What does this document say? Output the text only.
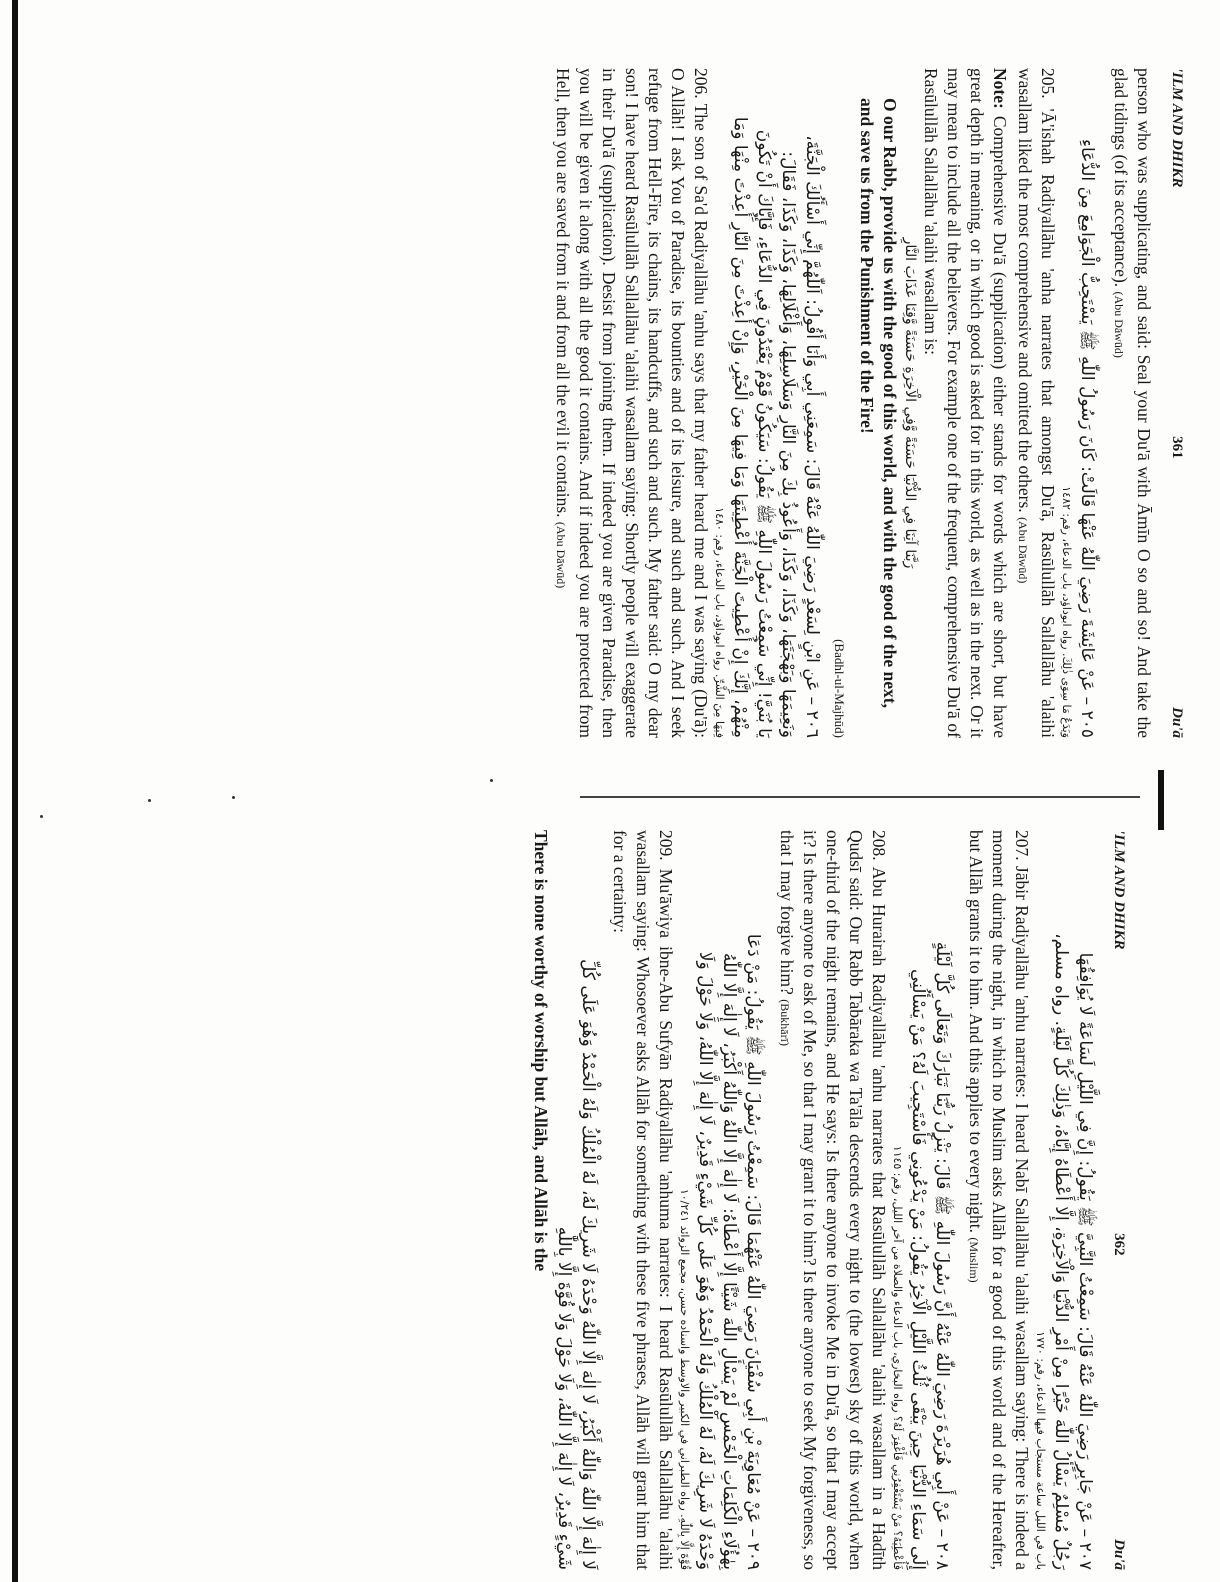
'ILM AND DHIKR
361
Du'ā

person who was supplicating, and said: Seal your Du'ā with Āmīn O so and so! And take the glad tidings (of its acceptance). (Abu Dāwūd)

٢٠٥ – عَنْ عَائِشَةَ رَضِيَ اللّٰهُ عَنْهَا قَالَتْ: كَانَ رَسُولُ اللّٰهِ ﷺ يَسْتَحِبُّ الْجَوَامِعَ مِنَ الدُّعَاءِ

وَيَدَعُ مَا سِوَى ذٰلِكَ. رواه ابوداؤد، باب الدعاء، رقم: ١٤٨٢

205. 'Ā'ishah Radiyallāhu 'anha narrates that amongst Du'ā, Rasūlullāh Sallallāhu 'alaihi wasallam liked the most comprehensive and omitted the others. (Abu Dāwūd)

Note: Comprehensive Du'ā (supplication) either stands for words which are short, but have great depth in meaning, or in which good is asked for in this world, as well as in the next. Or it may mean to include all the believers. For example one of the frequent, comprehensive Du'ā of Rasūlullāh Sallallāhu 'alaihi wasallam is:

رَبَّنَا آتِنَا فِي الدُّنْيَا حَسَنَةً وَّفِي الْآخِرَةِ حَسَنَةً وَّقِنَا عَذَابَ النَّارِ

O our Rabb, provide us with the good of this world, and with the good of the next, and save us from the Punishment of the Fire!

(Badhl-ul-Majhūd)

٢٠٦ – عَنِ ابْنٍ لِسَعْدٍ رَضِيَ اللّٰهُ عَنْهُ قَالَ: سَمِعَنِي أَبِي وَأَنَا أَقُولُ: اَللّٰهُمَّ إِنِّي أَسْأَلُكَ الْجَنَّةَ،

وَنَعِيمَهَا وَبَهْجَتَهَا، وَكَذَا، وَكَذَا، وَأَعُوذُ بِكَ مِنَ النَّارِ وَسَلَاسِلِهَا، وَأَغْلَالِهَا، وَكَذَا، وَكَذَا، فَقَالَ:

يَا بُنَيَّ! إِنِّي سَمِعْتُ رَسُولَ اللّٰهِ ﷺ يَقُولُ: سَيَكُونُ قَوْمٌ يَعْتَدُونَ فِي الدُّعَاءِ، فَإِيَّاكَ أَنْ تَكُونَ

مِنْهُمْ، إِنَّكَ إِنْ أُعْطِيتَ الْجَنَّةَ أُعْطِيتَهَا وَمَا فِيهَا مِنَ الْخَيْرِ، وَإِنْ أُعِذْتَ مِنَ النَّارِ أُعِذْتَ مِنْهَا وَمَا

فِيهَا مِنَ الشَّرِّ. رواه ابوداؤد، باب الدعاء، رقم: ١٤٨٠

206. The son of Sa'd Radiyallāhu 'anhu says that my father heard me and I was saying (Du'ā): O Allāh! I ask You of Paradise, its bounties and of its leisure, and such and such. And I seek refuge from Hell-Fire, its chains, its handcuffs, and such and such. My father said: O my dear son! I have heard Rasūlullāh Sallallāhu 'alaihi wasallam saying: Shortly people will exaggerate in their Du'ā (supplication). Desist from joining them. If indeed you are given Paradise, then you will be given it along with all the good it contains. And if indeed you are protected from Hell, then you are saved from it and from all the evil it contains. (Abu Dāwūd)

'ILM AND DHIKR
362
Du'ā

٢٠٧ – عَنْ جَابِرٍ رَضِيَ اللّٰهُ عَنْهُ قَالَ: سَمِعْتُ النَّبِيَّ ﷺ يَقُولُ: إِنَّ فِي اللَّيْلِ لَسَاعَةً لَا يُوَافِقُهَا

رَجُلٌ مُسْلِمٌ يَسْأَلُ اللّٰهَ خَيْرًا مِنْ أَمْرِ الدُّنْيَا وَالْآخِرَةِ، إِلَّا أَعْطَاهُ إِيَّاهُ، وَذٰلِكَ كُلَّ لَيْلَةٍ. رواه مسلم،

باب في الليل ساعة مستجاب فيها الدعاء، رقم: ١٧٧٠

207. Jābir Radiyallāhu 'anhu narrates: I heard Nabī Sallallāhu 'alaihi wasallam saying: There is indeed a moment during the night, in which no Muslim asks Allāh for a good of this world and of the Hereafter, but Allāh grants it to him. And this applies to every night. (Muslim)

٢٠٨ – عَنْ أَبِي هُرَيْرَةَ رَضِيَ اللّٰهُ عَنْهُ أَنَّ رَسُولَ اللّٰهِ ﷺ قَالَ: يَنْزِلُ رَبُّنَا تَبَارَكَ وَتَعَالَى كُلَّ لَيْلَةٍ

إِلَى سَمَاءِ الدُّنْيَا حِينَ يَبْقَى ثُلُثُ اللَّيْلِ الْآخِرُ يَقُولُ: مَنْ يَدْعُونِي فَأَسْتَجِيبَ لَهُ؟ مَنْ يَسْأَلُنِي

فَأُعْطِيَهُ؟ مَنْ يَسْتَغْفِرُنِي فَأَغْفِرَ لَهُ؟ رواه البخاري، باب الدعاء والصلاة من آخر الليل، رقم: ١١٤٥

208. Abu Hurairah Radiyallāhu 'anhu narrates that Rasūlullāh Sallallāhu 'alaihi wasallam in a Hadīth Qudsī said: Our Rabb Tabāraka wa Ta'āla descends every night to (the lowest) sky of this world, when one-third of the night remains, and He says: Is there anyone to invoke Me in Du'ā, so that I may accept it? Is there anyone to ask of Me, so that I may grant it to him? Is there anyone to seek My forgiveness, so that I may forgive him? (Bukhārī)

٢٠٩ – عَنْ مُعَاوِيَةَ بْنِ أَبِي سُفْيَانَ رَضِيَ اللّٰهُ عَنْهُمَا قَالَ: سَمِعْتُ رَسُولَ اللّٰهِ ﷺ يَقُولُ: مَنْ دَعَا

بِهٰؤُلَاءِ الْكَلِمَاتِ الْخَمْسِ لَمْ يَسْأَلِ اللّٰهَ شَيْئًا إِلَّا أَعْطَاهُ: لَا إِلٰهَ إِلَّا اللّٰهُ وَاللّٰهُ أَكْبَرُ، لَا إِلٰهَ إِلَّا اللّٰهُ

وَحْدَهُ لَا شَرِيكَ لَهُ، لَهُ الْمُلْكُ وَلَهُ الْحَمْدُ وَهُوَ عَلَى كُلِّ شَيْءٍ قَدِيرٌ، لَا إِلٰهَ إِلَّا اللّٰهُ، وَلَا حَوْلَ وَلَا

قُوَّةَ إِلَّا بِاللّٰهِ. رواه الطبراني في الكبير والاوسط واسناده حسن، مجمع الزوائد ١٠/٢٤١

209. Mu'āwiya ibne-Abu Sufyān Radiyallāhu 'anhuma narrates: I heard Rasūlullāh Sallallāhu 'alaihi wasallam saying: Whosoever asks Allāh for something with these five phrases, Allāh will grant him that for a certainty:

لَا إِلٰهَ إِلَّا اللّٰهُ وَاللّٰهُ أَكْبَرُ، لَا إِلٰهَ إِلَّا اللّٰهُ وَحْدَهُ لَا شَرِيكَ لَهُ، لَهُ الْمُلْكُ وَلَهُ الْحَمْدُ وَهُوَ عَلَى كُلِّ

شَيْءٍ قَدِيرٌ، لَا إِلٰهَ إِلَّا اللّٰهُ، وَلَا حَوْلَ وَلَا قُوَّةَ إِلَّا بِاللّٰهِ

There is none worthy of worship but Allāh, and Allāh is the
